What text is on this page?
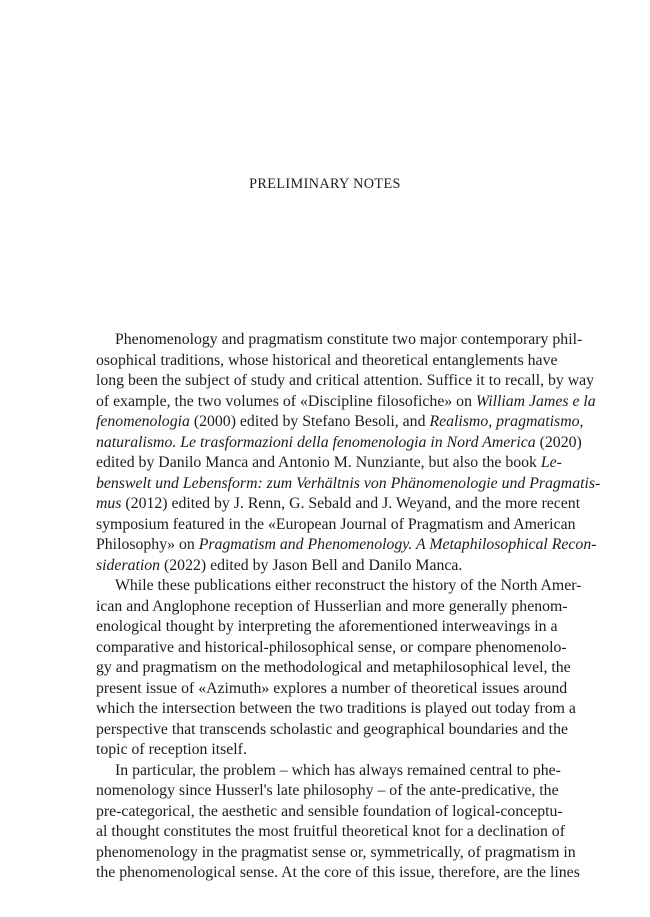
PRELIMINARY NOTES
Phenomenology and pragmatism constitute two major contemporary phil-
osophical traditions, whose historical and theoretical entanglements have
long been the subject of study and critical attention. Suffice it to recall, by way
of example, the two volumes of «Discipline filosofiche» on William James e la
fenomenologia (2000) edited by Stefano Besoli, and Realismo, pragmatismo,
naturalismo. Le trasformazioni della fenomenologia in Nord America (2020)
edited by Danilo Manca and Antonio M. Nunziante, but also the book Le-
benswelt und Lebensform: zum Verhältnis von Phänomenologie und Pragmatis-
mus (2012) edited by J. Renn, G. Sebald and J. Weyand, and the more recent
symposium featured in the «European Journal of Pragmatism and American
Philosophy» on Pragmatism and Phenomenology. A Metaphilosophical Recon-
sideration (2022) edited by Jason Bell and Danilo Manca.
While these publications either reconstruct the history of the North Amer-
ican and Anglophone reception of Husserlian and more generally phenom-
enological thought by interpreting the aforementioned interweavings in a
comparative and historical-philosophical sense, or compare phenomenolo-
gy and pragmatism on the methodological and metaphilosophical level, the
present issue of «Azimuth» explores a number of theoretical issues around
which the intersection between the two traditions is played out today from a
perspective that transcends scholastic and geographical boundaries and the
topic of reception itself.
In particular, the problem – which has always remained central to phe-
nomenology since Husserl's late philosophy – of the ante-predicative, the
pre-categorical, the aesthetic and sensible foundation of logical-conceptu-
al thought constitutes the most fruitful theoretical knot for a declination of
phenomenology in the pragmatist sense or, symmetrically, of pragmatism in
the phenomenological sense. At the core of this issue, therefore, are the lines
